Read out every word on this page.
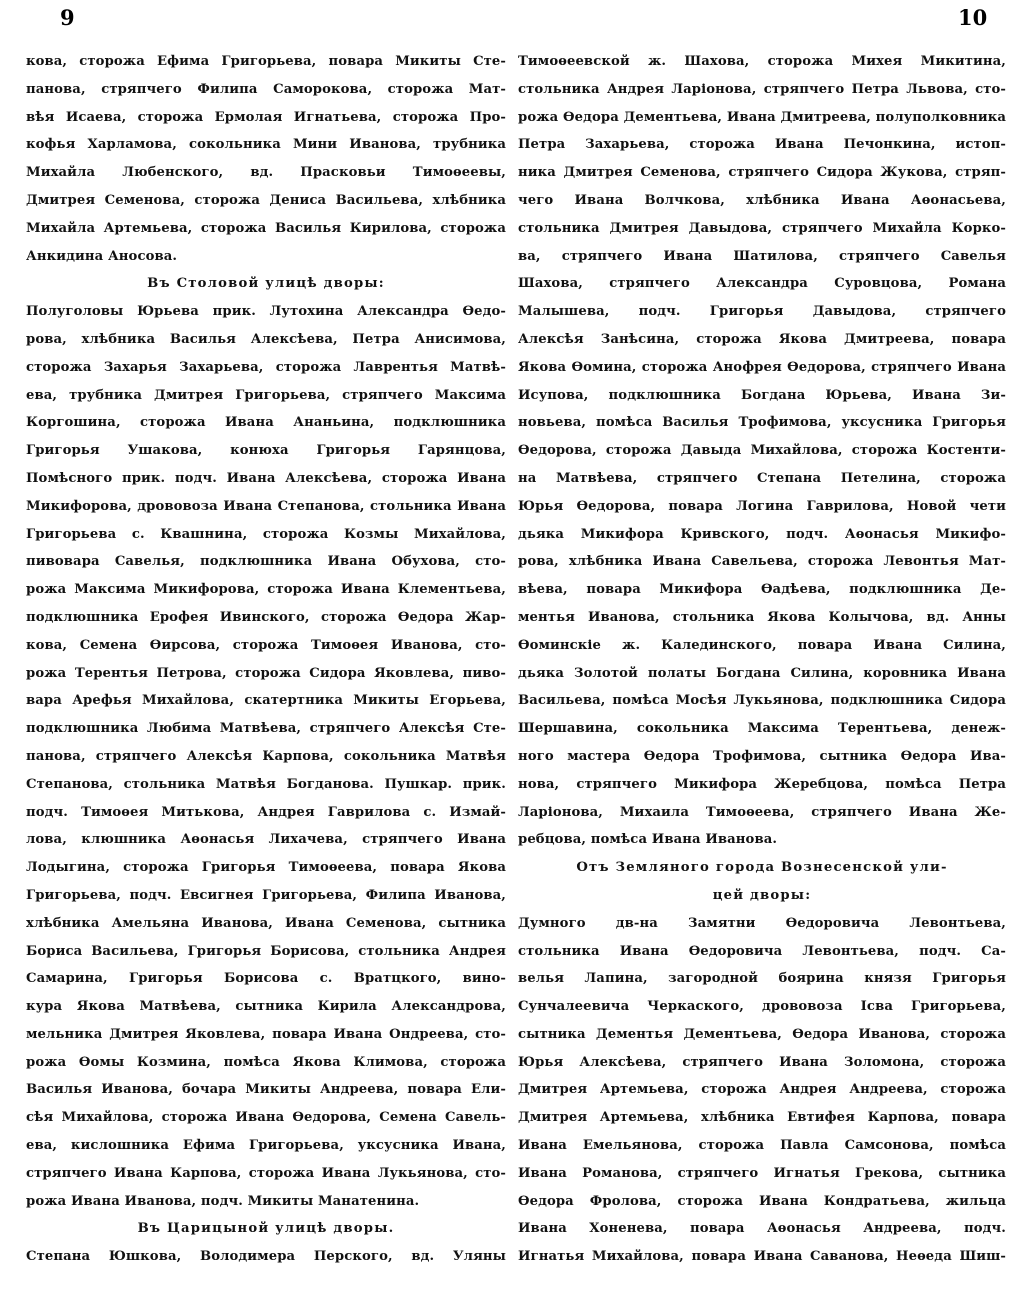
9	10
кова, сторожа Ефима Григорьева, повара Микиты Сте-
панова, стряпчего Филипа Саморокова, сторожа Мат-
вѣя Исаева, сторожа Ермолая Игнатьева, сторожа Про-
кофья Харламова, сокольника Мини Иванова, трубника
Михайла Любенского, вд. Прасковьи Тимоѳеевы,
Дмитрея Семенова, сторожа Дениса Васильева, хлѣбника
Михайла Артемьева, сторожа Василья Кирилова, сторожа
Анкидина Аносова.
Въ Столовой улицѣ дворы:
Полуголовы Юрьева прик. Лутохина Александра Ѳедо-
рова, хлѣбника Василья Алексѣева, Петра Анисимова,
сторожа Захарья Захарьева, сторожа Лаврентья Матвѣ-
ева, трубника Дмитрея Григорьева, стряпчего Максима
Коргошина, сторожа Ивана Ананьина, подклюшника
Григорья Ушакова, конюха Григорья Гарянцова,
Помѣсного прик. подч. Ивана Алексѣева, сторожа Ивана
Микифорова, дрововоза Ивана Степанова, стольника Ивана
Григорьева с. Квашнина, сторожа Козмы Михайлова,
пивовара Савелья, подклюшника Ивана Обухова, сто-
рожа Максима Микифорова, сторожа Ивана Клементьева,
подклюшника Ерофея Ивинского, сторожа Ѳедора Жар-
кова, Семена Ѳирсова, сторожа Тимоѳея Иванова, сто-
рожа Терентья Петрова, сторожа Сидора Яковлева, пиво-
вара Арефья Михайлова, скатертника Микиты Егорьева,
подклюшника Любима Матвѣева, стряпчего Алексѣя Сте-
панова, стряпчего Алексѣя Карпова, сокольника Матвѣя
Степанова, стольника Матвѣя Богданова. Пушкар. прик.
подч. Тимоѳея Митькова, Андрея Гаврилова с. Измай-
лова, клюшника Аѳонасья Лихачева, стряпчего Ивана
Лодыгина, сторожа Григорья Тимоѳеева, повара Якова
Григорьева, подч. Евсигнея Григорьева, Филипа Иванова,
хлѣбника Амельяна Иванова, Ивана Семенова, сытника
Бориса Васильева, Григорья Борисова, стольника Андрея
Самарина, Григорья Борисова с. Вратцкого, вино-
кура Якова Матвѣева, сытника Кирила Александрова,
мельника Дмитрея Яковлева, повара Ивана Ондреева, сто-
рожа Ѳомы Козмина, помѣса Якова Климова, сторожа
Василья Иванова, бочара Микиты Андреева, повара Ели-
сѣя Михайлова, сторожа Ивана Ѳедорова, Семена Савель-
ева, кислошника Ефима Григорьева, уксусника Ивана,
стряпчего Ивана Карпова, сторожа Ивана Лукьянова, сто-
рожа Ивана Иванова, подч. Микиты Манатенина.
Въ Царицыной улицѣ дворы.
Степана Юшкова, Володимера Перского, вд. Уляны
Тимоѳеевской ж. Шахова, сторожа Михея Микитина,
стольника Андрея Ларіонова, стряпчего Петра Львова, сто-
рожа Ѳедора Дементьева, Ивана Дмитреева, полуполковника
Петра Захарьева, сторожа Ивана Печонкина, истоп-
ника Дмитрея Семенова, стряпчего Сидора Жукова, стряп-
чего Ивана Волчкова, хлѣбника Ивана Аѳонасьева,
стольника Дмитрея Давыдова, стряпчего Михайла Корко-
ва, стряпчего Ивана Шатилова, стряпчего Савелья
Шахова, стряпчего Александра Суровцова, Романа
Малышева, подч. Григорья Давыдова, стряпчего
Алексѣя Занѣсина, сторожа Якова Дмитреева, повара
Якова Ѳомина, сторожа Анофрея Ѳедорова, стряпчего Ивана
Исупова, подклюшника Богдана Юрьева, Ивана Зи-
новьева, помѣса Василья Трофимова, уксусника Григорья
Ѳедорова, сторожа Давыда Михайлова, сторожа Костенти-
на Матвѣева, стряпчего Степана Петелина, сторожа
Юрья Ѳедорова, повара Логина Гаврилова, Новой чети
дьяка Микифора Кривского, подч. Аѳонасья Микифо-
рова, хлѣбника Ивана Савельева, сторожа Левонтья Мат-
вѣева, повара Микифора Ѳадѣева, подклюшника Де-
ментья Иванова, стольника Якова Колычова, вд. Анны
Ѳоминскіе ж. Калединского, повара Ивана Силина,
дьяка Золотой полаты Богдана Силина, коровника Ивана
Васильева, помѣса Мосѣя Лукьянова, подклюшника Сидора
Шершавина, сокольника Максима Терентьева, денеж-
ного мастера Ѳедора Трофимова, сытника Ѳедора Ива-
нова, стряпчего Микифора Жеребцова, помѣса Петра
Ларіонова, Михаила Тимоѳеева, стряпчего Ивана Же-
ребцова, помѣса Ивана Иванова.
Отъ Земляного города Вознесенской ули-
цей дворы:
Думного дв-на Замятни Ѳедоровича Левонтьева,
стольника Ивана Ѳедоровича Левонтьева, подч. Са-
велья Лапина, загородной боярина князя Григорья
Сунчалеевича Черкаского, дрововоза Ісва Григорьева,
сытника Дементья Дементьева, Ѳедора Иванова, сторожа
Юрья Алексѣева, стряпчего Ивана Золомона, сторожа
Дмитрея Артемьева, сторожа Андрея Андреева, сторожа
Дмитрея Артемьева, хлѣбника Евтифея Карпова, повара
Ивана Емельянова, сторожа Павла Самсонова, помѣса
Ивана Романова, стряпчего Игнатья Грекова, сытника
Ѳедора Фролова, сторожа Ивана Кондратьева, жильца
Ивана Хоненева, повара Аѳонасья Андреева, подч.
Игнатья Михайлова, повара Ивана Саванова, Неѳеда Шиш-
